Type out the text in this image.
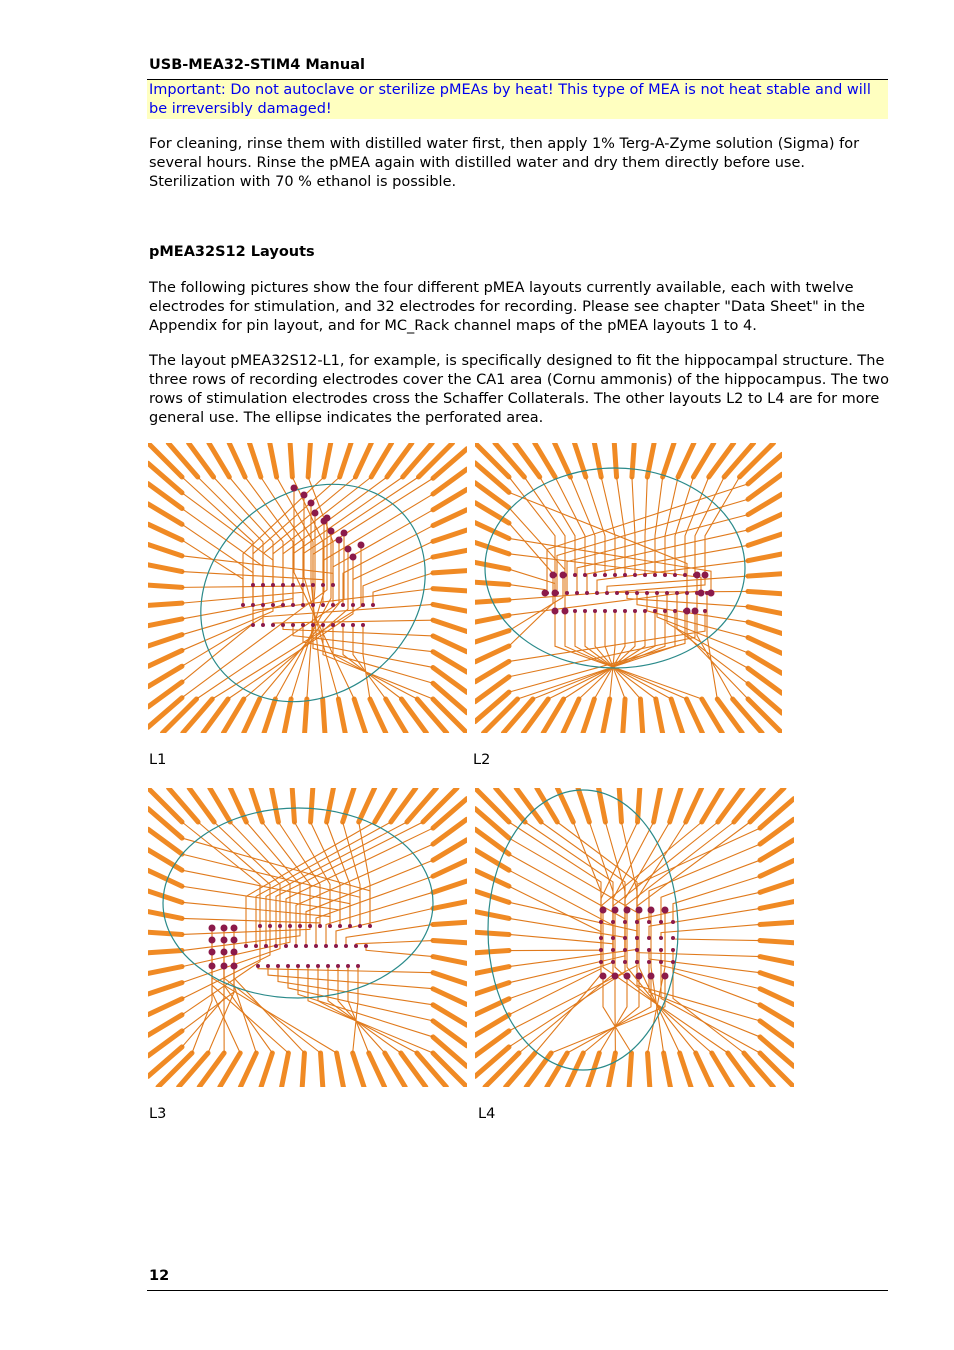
USB-MEA32-STIM4 Manual
Important: Do not autoclave or sterilize pMEAs by heat! This type of MEA is not heat stable and will be irreversibly damaged!
For cleaning, rinse them with distilled water first, then apply 1% Terg-A-Zyme solution (Sigma) for several hours. Rinse the pMEA again with distilled water and dry them directly before use. Sterilization with 70 % ethanol is possible.
pMEA32S12 Layouts
The following pictures show the four different pMEA layouts currently available, each with twelve electrodes for stimulation, and 32 electrodes for recording. Please see chapter "Data Sheet" in the Appendix for pin layout, and for MC_Rack channel maps of the pMEA layouts 1 to 4.
The layout pMEA32S12-L1, for example, is specifically designed to fit the hippocampal structure. The three rows of recording electrodes cover the CA1 area (Cornu ammonis) of the hippocampus. The two rows of stimulation electrodes cross the Schaffer Collaterals. The other layouts L2 to L4 are for more general use. The ellipse indicates the perforated area.
L1	L2
L3	L4
12
